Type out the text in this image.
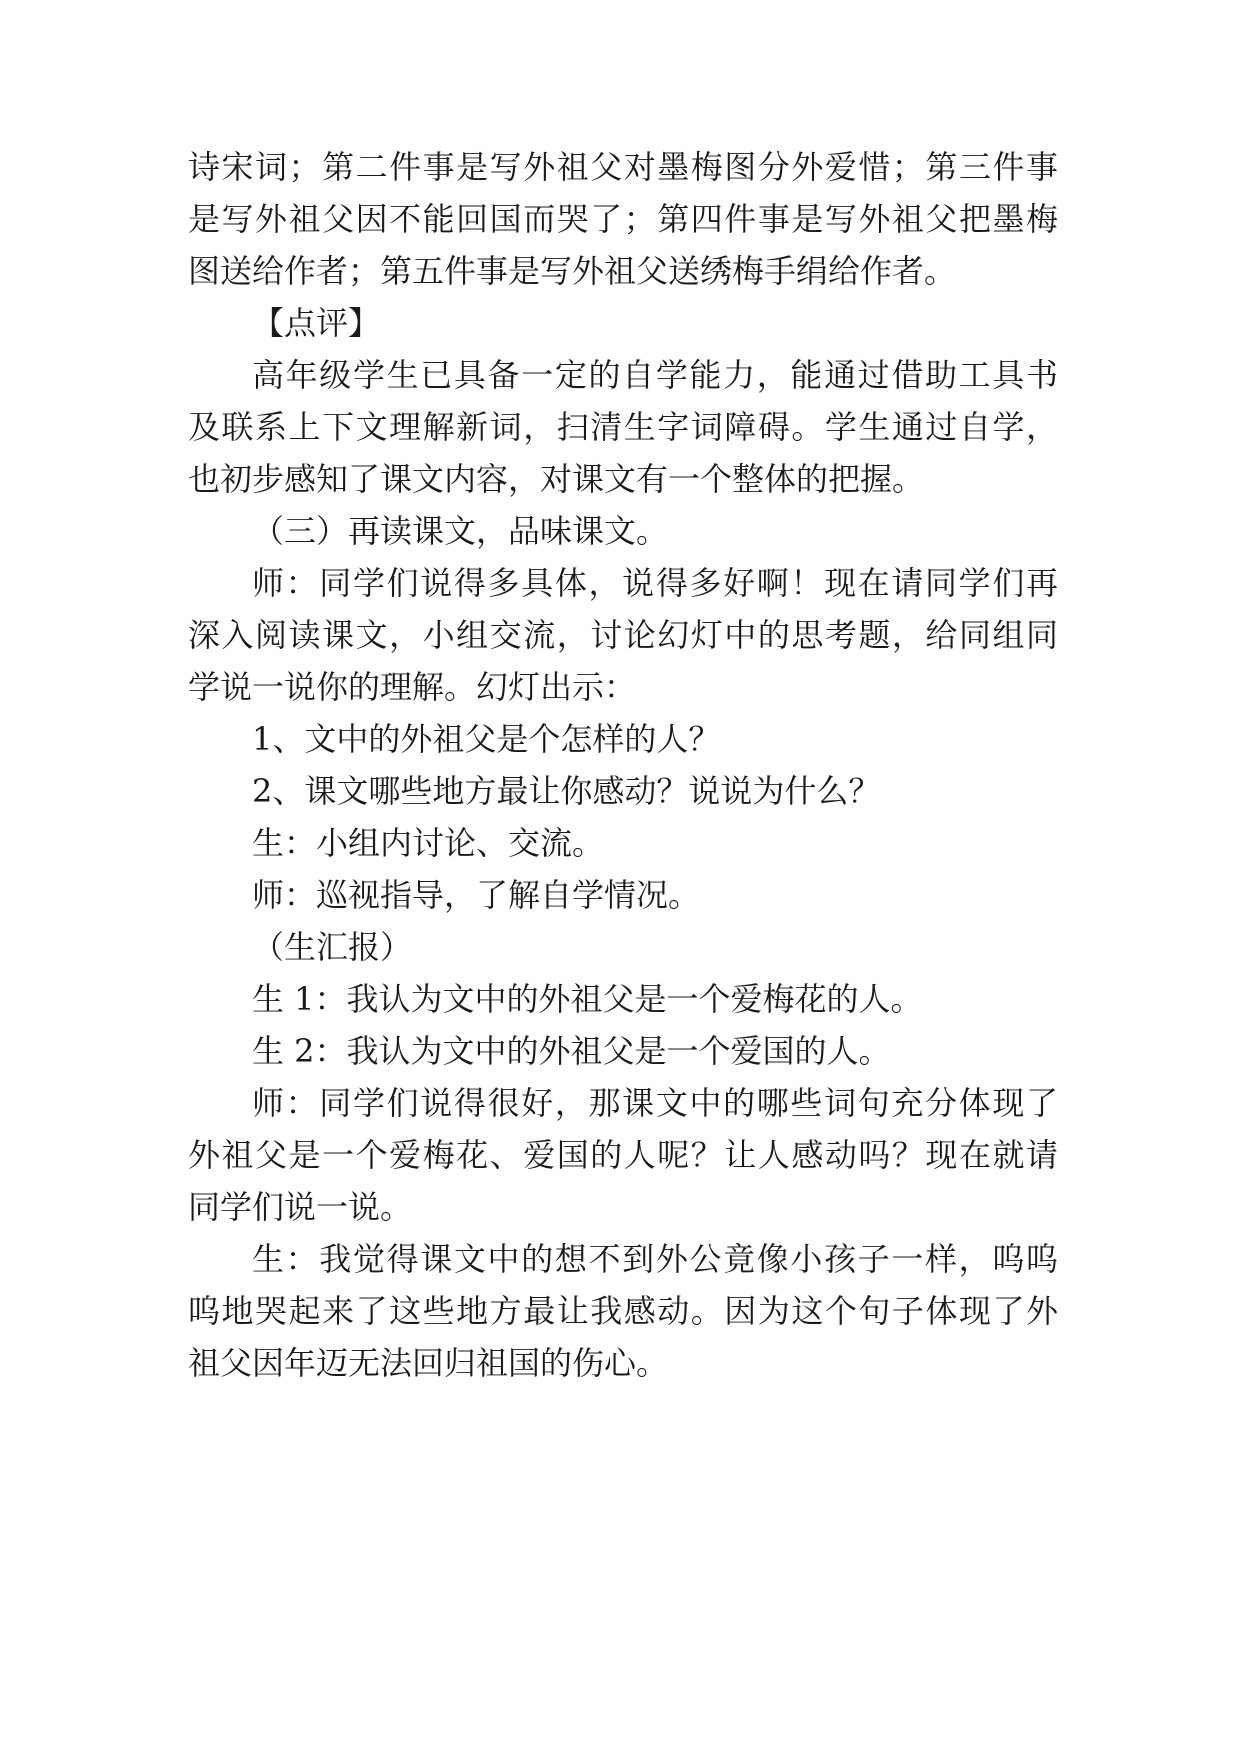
诗宋词；第二件事是写外祖父对墨梅图分外爱惜；第三件事
是写外祖父因不能回国而哭了；第四件事是写外祖父把墨梅
图送给作者；第五件事是写外祖父送绣梅手绢给作者。
【点评】
高年级学生已具备一定的自学能力，能通过借助工具书
及联系上下文理解新词，扫清生字词障碍。学生通过自学，
也初步感知了课文内容，对课文有一个整体的把握。
（三）再读课文，品味课文。
师：同学们说得多具体，说得多好啊！现在请同学们再
深入阅读课文，小组交流，讨论幻灯中的思考题，给同组同
学说一说你的理解。幻灯出示：
1、文中的外祖父是个怎样的人？
2、课文哪些地方最让你感动？说说为什么？
生：小组内讨论、交流。
师：巡视指导，了解自学情况。
（生汇报）
生 1：我认为文中的外祖父是一个爱梅花的人。
生 2：我认为文中的外祖父是一个爱国的人。
师：同学们说得很好，那课文中的哪些词句充分体现了
外祖父是一个爱梅花、爱国的人呢？让人感动吗？现在就请
同学们说一说。
生：我觉得课文中的想不到外公竟像小孩子一样，呜呜
呜地哭起来了这些地方最让我感动。因为这个句子体现了外
祖父因年迈无法回归祖国的伤心。
